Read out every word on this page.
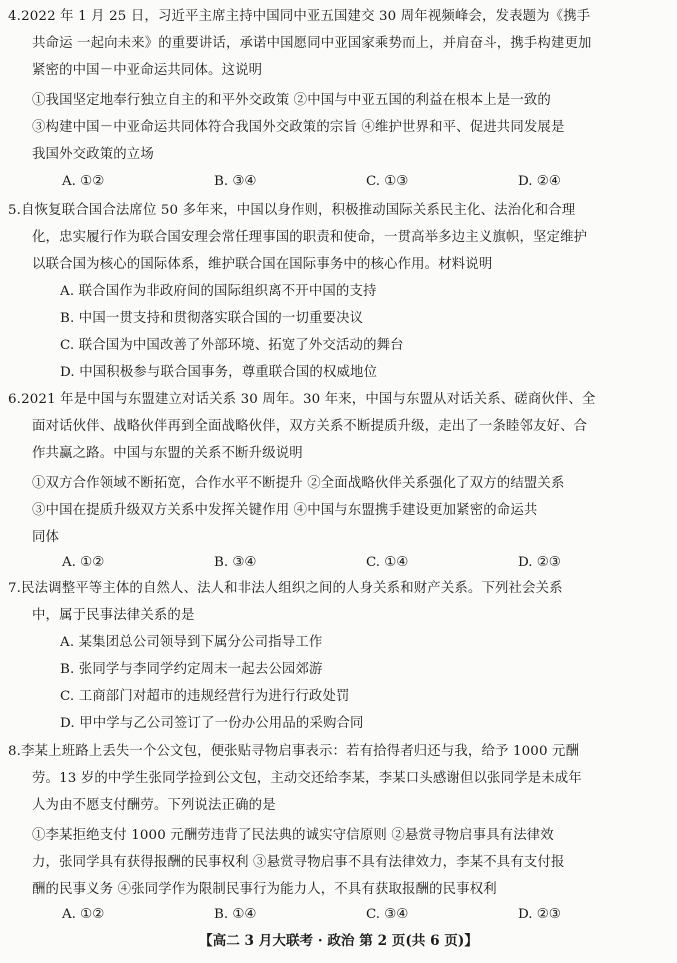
4.2022 年 1 月 25 日，习近平主席主持中国同中亚五国建交 30 周年视频峰会，发表题为《携手
共命运 一起向未来》的重要讲话，承诺中国愿同中亚国家乘势而上，并肩奋斗，携手构建更加
紧密的中国－中亚命运共同体。这说明
①我国坚定地奉行独立自主的和平外交政策 ②中国与中亚五国的利益在根本上是一致的
③构建中国－中亚命运共同体符合我国外交政策的宗旨 ④维护世界和平、促进共同发展是
我国外交政策的立场
A. ①②	B. ③④	C. ①③	D. ②④
5.自恢复联合国合法席位 50 多年来，中国以身作则，积极推动国际关系民主化、法治化和合理
化，忠实履行作为联合国安理会常任理事国的职责和使命，一贯高举多边主义旗帜，坚定维护
以联合国为核心的国际体系，维护联合国在国际事务中的核心作用。材料说明
A. 联合国作为非政府间的国际组织离不开中国的支持
B. 中国一贯支持和贯彻落实联合国的一切重要决议
C. 联合国为中国改善了外部环境、拓宽了外交活动的舞台
D. 中国积极参与联合国事务，尊重联合国的权威地位
6.2021 年是中国与东盟建立对话关系 30 周年。30 年来，中国与东盟从对话关系、磋商伙伴、全
面对话伙伴、战略伙伴再到全面战略伙伴，双方关系不断提质升级，走出了一条睦邻友好、合
作共赢之路。中国与东盟的关系不断升级说明
①双方合作领域不断拓宽，合作水平不断提升 ②全面战略伙伴关系强化了双方的结盟关系
③中国在提质升级双方关系中发挥关键作用 ④中国与东盟携手建设更加紧密的命运共
同体
A. ①②	B. ③④	C. ①④	D. ②③
7.民法调整平等主体的自然人、法人和非法人组织之间的人身关系和财产关系。下列社会关系
中，属于民事法律关系的是
A. 某集团总公司领导到下属分公司指导工作
B. 张同学与李同学约定周末一起去公园郊游
C. 工商部门对超市的违规经营行为进行行政处罚
D. 甲中学与乙公司签订了一份办公用品的采购合同
8.李某上班路上丢失一个公文包，便张贴寻物启事表示：若有拾得者归还与我，给予 1000 元酬
劳。13 岁的中学生张同学捡到公文包，主动交还给李某，李某口头感谢但以张同学是未成年
人为由不愿支付酬劳。下列说法正确的是
①李某拒绝支付 1000 元酬劳违背了民法典的诚实守信原则 ②悬赏寻物启事具有法律效
力，张同学具有获得报酬的民事权利 ③悬赏寻物启事不具有法律效力，李某不具有支付报
酬的民事义务 ④张同学作为限制民事行为能力人，不具有获取报酬的民事权利
A. ①②	B. ①④	C. ③④	D. ②③
【高二 3 月大联考 · 政治 第 2 页(共 6 页)】
